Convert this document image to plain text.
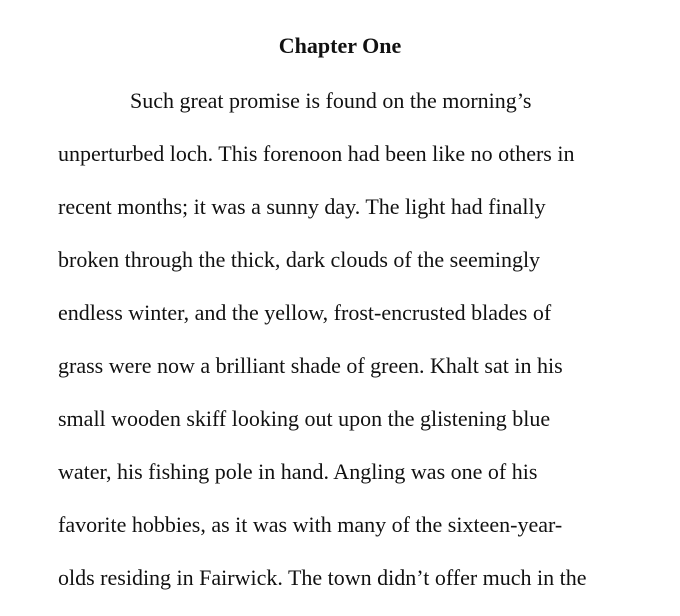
Chapter One
Such great promise is found on the morning’s
unperturbed loch. This forenoon had been like no others in
recent months; it was a sunny day. The light had finally
broken through the thick, dark clouds of the seemingly
endless winter, and the yellow, frost-encrusted blades of
grass were now a brilliant shade of green. Khalt sat in his
small wooden skiff looking out upon the glistening blue
water, his fishing pole in hand. Angling was one of his
favorite hobbies, as it was with many of the sixteen-year-
olds residing in Fairwick. The town didn’t offer much in the
